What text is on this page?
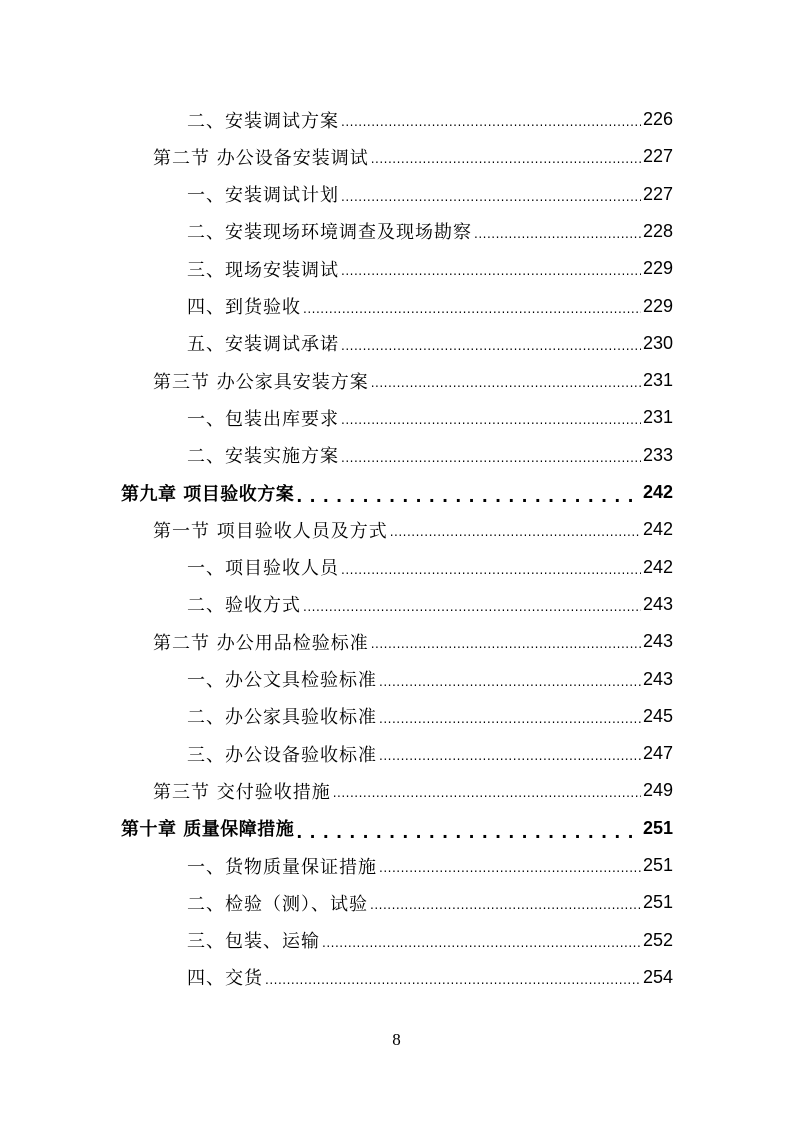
二、安装调试方案 .....	226
第二节 办公设备安装调试 .....	227
一、安装调试计划 .....	227
二、安装现场环境调查及现场勘察 .....	228
三、现场安装调试 .....	229
四、到货验收 .....	229
五、安装调试承诺 .....	230
第三节 办公家具安装方案 .....	231
一、包装出库要求 .....	231
二、安装实施方案 .....	233
第九章 项目验收方案 . . .	242
第一节 项目验收人员及方式 .....	242
一、项目验收人员 .....	242
二、验收方式 .....	243
第二节 办公用品检验标准 .....	243
一、办公文具检验标准 .....	243
二、办公家具验收标准 .....	245
三、办公设备验收标准 .....	247
第三节 交付验收措施 .....	249
第十章 质量保障措施 . . .	251
一、货物质量保证措施 .....	251
二、检验（测）、试验 .....	251
三、包装、运输 .....	252
四、交货 .....	254
8
